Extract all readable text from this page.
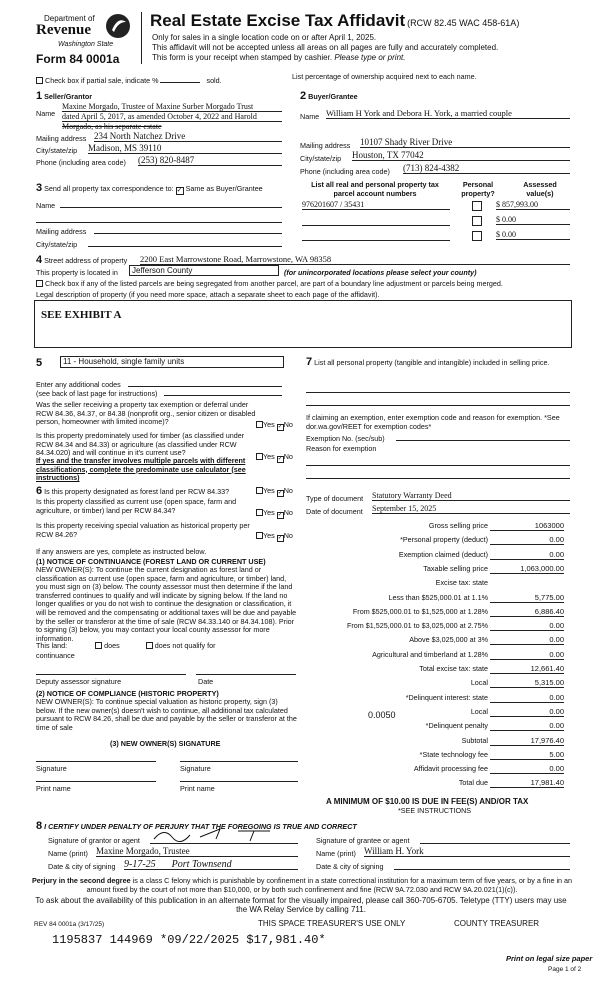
Department of
Revenue
Washington State
Form 84 0001a
Real Estate Excise Tax Affidavit (RCW 82.45 WAC 458-61A)
Only for sales in a single location code on or after April 1, 2025.
This affidavit will not be accepted unless all areas on all pages are fully and accurately completed.
This form is your receipt when stamped by cashier. Please type or print.
Check box if partial sale, indicate %	sold.	List percentage of ownership acquired next to each name.
1 Seller/Grantor
Name
Maxine Morgado, Trustee of Maxine Surber Morgado Trust
dated April 5, 2017, as amended October 4, 2022 and Harold
Morgado, as his separate estate
Mailing address 234 North Natchez Drive
City/state/zip Madison, MS 39110
Phone (including area code) (253) 820-8487
2 Buyer/Grantee
Name William H York and Debora H. York, a married couple
Mailing address 10107 Shady River Drive
City/state/zip Houston, TX 77042
Phone (including area code) (713) 824-4382
3 Send all property tax correspondence to: ✓ Same as Buyer/Grantee
Name
Mailing address
City/state/zip
List all real and personal property tax
parcel account numbers
Personal
property?
Assessed
value(s)
976201607 / 35431	$ 857,993.00
$ 0.00
$ 0.00
4 Street address of property 2200 East Marrowstone Road, Marrowstone, WA 98358
This property is located in	Jefferson County	(for unincorporated locations please select your county)
Check box if any of the listed parcels are being segregated from another parcel, are part of a boundary line adjustment or parcels being merged.
Legal description of property (if you need more space, attach a separate sheet to each page of the affidavit).
SEE EXHIBIT A
5	11 - Household, single family units
Enter any additional codes
(see back of last page for instructions)
Was the seller receiving a property tax exemption or deferral under RCW 84.36, 84.37, or 84.38 (nonprofit org., senior citizen or disabled person, homeowner with limited income)?	Yes ✓No
Is this property predominately used for timber (as classified under RCW 84.34 and 84.33) or agriculture (as classified under RCW 84.34.020) and will continue in it's current use?
If yes and the transfer involves multiple parcels with different classifications, complete the predominate use calculator (see instructions)
Yes ✓No
6 Is this property designated as forest land per RCW 84.33?	Yes ✓No
Is this property classified as current use (open space, farm and agriculture, or timber) land per RCW 84.34?	Yes ✓No
Is this property receiving special valuation as historical property per RCW 84.26?	Yes ✓No
If any answers are yes, complete as instructed below.
(1) NOTICE OF CONTINUANCE (FOREST LAND OR CURRENT USE)
NEW OWNER(S): To continue the current designation as forest land or classification as current use (open space, farm and agriculture, or timber) land, you must sign on (3) below. The county assessor must then determine if the land transferred continues to qualify and will indicate by signing below. If the land no longer qualifies or you do not wish to continue the designation or classification, it will be removed and the compensating or additional taxes will be due and payable by the seller or transferor at the time of sale (RCW 84.33.140 or 84.34.108). Prior to signing (3) below, you may contact your local county assessor for more information.
This land:	does	does not qualify for
continuance
Deputy assessor signature	Date
(2) NOTICE OF COMPLIANCE (HISTORIC PROPERTY)
NEW OWNER(S): To continue special valuation as historic property, sign (3) below. If the new owner(s) doesn't wish to continue, all additional tax calculated pursuant to RCW 84.26, shall be due and payable by the seller or transferor at the time of sale
(3) NEW OWNER(S) SIGNATURE
Signature	Signature
Print name	Print name
7 List all personal property (tangible and intangible) included in selling price.
If claiming an exemption, enter exemption code and reason for exemption. *See dor.wa.gov/REET for exemption codes*
Exemption No. (sec/sub)
Reason for exemption
Type of document Statutory Warranty Deed
Date of document September 15, 2025
Gross selling price	1063000
*Personal property (deduct)	0.00
Exemption claimed (deduct)	0.00
Taxable selling price	1,063,000.00
Excise tax: state
Less than $525,000.01 at 1.1%	5,775.00
From $525,000.01 to $1,525,000 at 1.28%	6,886.40
From $1,525,000.01 to $3,025,000 at 2.75%	0.00
Above $3,025,000 at 3%	0.00
Agricultural and timberland at 1.28%	0.00
Total excise tax: state	12,661.40
Local	5,315.00
*Delinquent interest: state	0.00
Local	0.00
*Delinquent penalty	0.00
Subtotal	17,976.40
*State technology fee	5.00
Affidavit processing fee	0.00
Total due	17,981.40
0.0050
A MINIMUM OF $10.00 IS DUE IN FEE(S) AND/OR TAX
*SEE INSTRUCTIONS
8 I CERTIFY UNDER PENALTY OF PERJURY THAT THE FOREGOING IS TRUE AND CORRECT
Signature of grantor or agent	Signature of grantee or agent
Name (print) Maxine Morgado, Trustee	Name (print) William H. York
Date & city of signing 9-17-25 Port Townsend	Date & city of signing
Perjury in the second degree is a class C felony which is punishable by confinement in a state correctional institution for a maximum term of five years, or by a fine in an amount fixed by the court of not more than $10,000, or by both such confinement and fine (RCW 9A.72.030 and RCW 9A.20.021(1)(c)).
To ask about the availability of this publication in an alternate format for the visually impaired, please call 360-705-6705. Teletype (TTY) users may use the WA Relay Service by calling 711.
REV 84 0001a (3/17/25)	THIS SPACE TREASURER'S USE ONLY	COUNTY TREASURER
1195837 144969 *09/22/2025 $17,981.40*
Print on legal size paper
Page 1 of 2
